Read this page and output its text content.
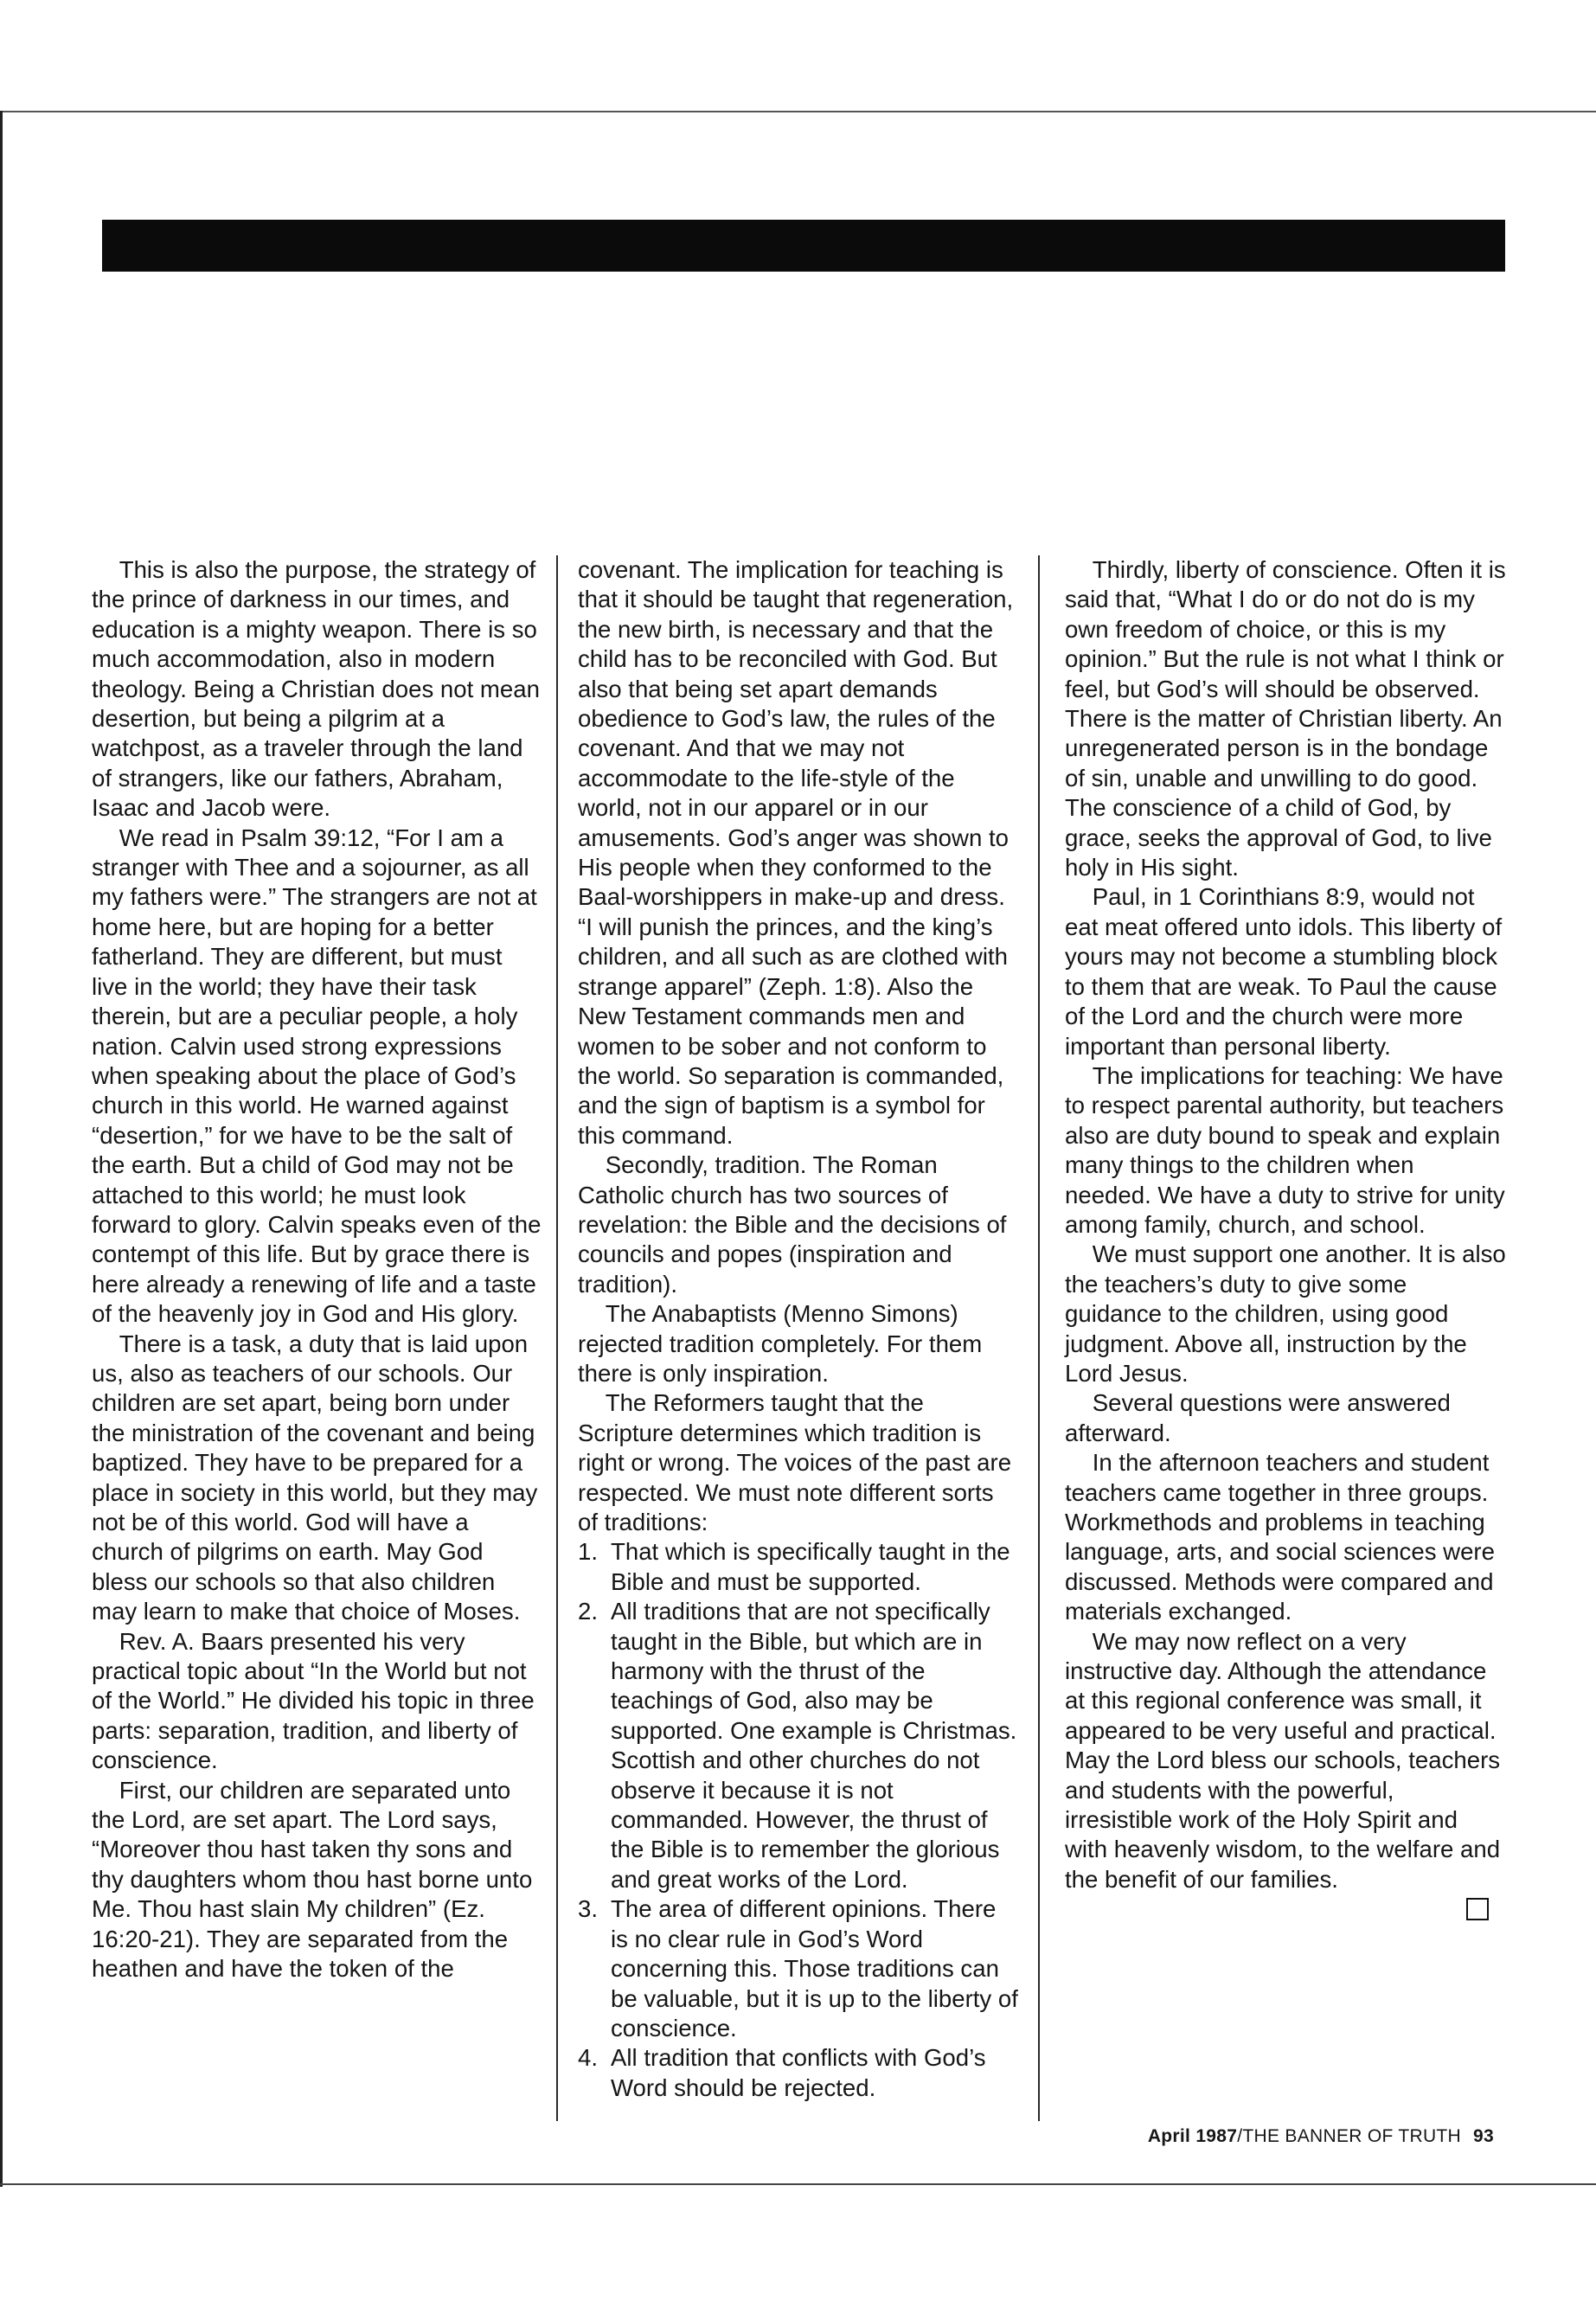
This is also the purpose, the strategy of the prince of darkness in our times, and education is a mighty weapon. There is so much accommodation, also in modern theology. Being a Christian does not mean desertion, but being a pilgrim at a watchpost, as a traveler through the land of strangers, like our fathers, Abraham, Isaac and Jacob were.

We read in Psalm 39:12, “For I am a stranger with Thee and a sojourner, as all my fathers were.” The strangers are not at home here, but are hoping for a better fatherland. They are different, but must live in the world; they have their task therein, but are a peculiar people, a holy nation. Calvin used strong expressions when speaking about the place of God’s church in this world. He warned against “desertion,” for we have to be the salt of the earth. But a child of God may not be attached to this world; he must look forward to glory. Calvin speaks even of the contempt of this life. But by grace there is here already a renewing of life and a taste of the heavenly joy in God and His glory.

There is a task, a duty that is laid upon us, also as teachers of our schools. Our children are set apart, being born under the ministration of the covenant and being baptized. They have to be prepared for a place in society in this world, but they may not be of this world. God will have a church of pilgrims on earth. May God bless our schools so that also children may learn to make that choice of Moses.

Rev. A. Baars presented his very practical topic about “In the World but not of the World.” He divided his topic in three parts: separation, tradition, and liberty of conscience.

First, our children are separated unto the Lord, are set apart. The Lord says, “Moreover thou hast taken thy sons and thy daughters whom thou hast borne unto Me. Thou hast slain My children” (Ez. 16:20-21). They are separated from the heathen and have the token of the

covenant. The implication for teaching is that it should be taught that regeneration, the new birth, is necessary and that the child has to be reconciled with God. But also that being set apart demands obedience to God’s law, the rules of the covenant. And that we may not accommodate to the life-style of the world, not in our apparel or in our amusements. God’s anger was shown to His people when they conformed to the Baal-worshippers in make-up and dress. “I will punish the princes, and the king’s children, and all such as are clothed with strange apparel” (Zeph. 1:8). Also the New Testament commands men and women to be sober and not conform to the world. So separation is commanded, and the sign of baptism is a symbol for this command.

Secondly, tradition. The Roman Catholic church has two sources of revelation: the Bible and the decisions of councils and popes (inspiration and tradition).

The Anabaptists (Menno Simons) rejected tradition completely. For them there is only inspiration.

The Reformers taught that the Scripture determines which tradition is right or wrong. The voices of the past are respected. We must note different sorts of traditions:

1. That which is specifically taught in the Bible and must be supported.
2. All traditions that are not specifically taught in the Bible, but which are in harmony with the thrust of the teachings of God, also may be supported. One example is Christmas. Scottish and other churches do not observe it because it is not commanded. However, the thrust of the Bible is to remember the glorious and great works of the Lord.
3. The area of different opinions. There is no clear rule in God’s Word concerning this. Those traditions can be valuable, but it is up to the liberty of conscience.
4. All tradition that conflicts with God’s Word should be rejected.

Thirdly, liberty of conscience. Often it is said that, “What I do or do not do is my own freedom of choice, or this is my opinion.” But the rule is not what I think or feel, but God’s will should be observed. There is the matter of Christian liberty. An unregenerated person is in the bondage of sin, unable and unwilling to do good. The conscience of a child of God, by grace, seeks the approval of God, to live holy in His sight.

Paul, in 1 Corinthians 8:9, would not eat meat offered unto idols. This liberty of yours may not become a stumbling block to them that are weak. To Paul the cause of the Lord and the church were more important than personal liberty.

The implications for teaching: We have to respect parental authority, but teachers also are duty bound to speak and explain many things to the children when needed. We have a duty to strive for unity among family, church, and school.

We must support one another. It is also the teachers’s duty to give some guidance to the children, using good judgment. Above all, instruction by the Lord Jesus.

Several questions were answered afterward.

In the afternoon teachers and student teachers came together in three groups. Workmethods and problems in teaching language, arts, and social sciences were discussed. Methods were compared and materials exchanged.

We may now reflect on a very instructive day. Although the attendance at this regional conference was small, it appeared to be very useful and practical. May the Lord bless our schools, teachers and students with the powerful, irresistible work of the Holy Spirit and with heavenly wisdom, to the welfare and the benefit of our families.

April 1987/THE BANNER OF TRUTH 93
